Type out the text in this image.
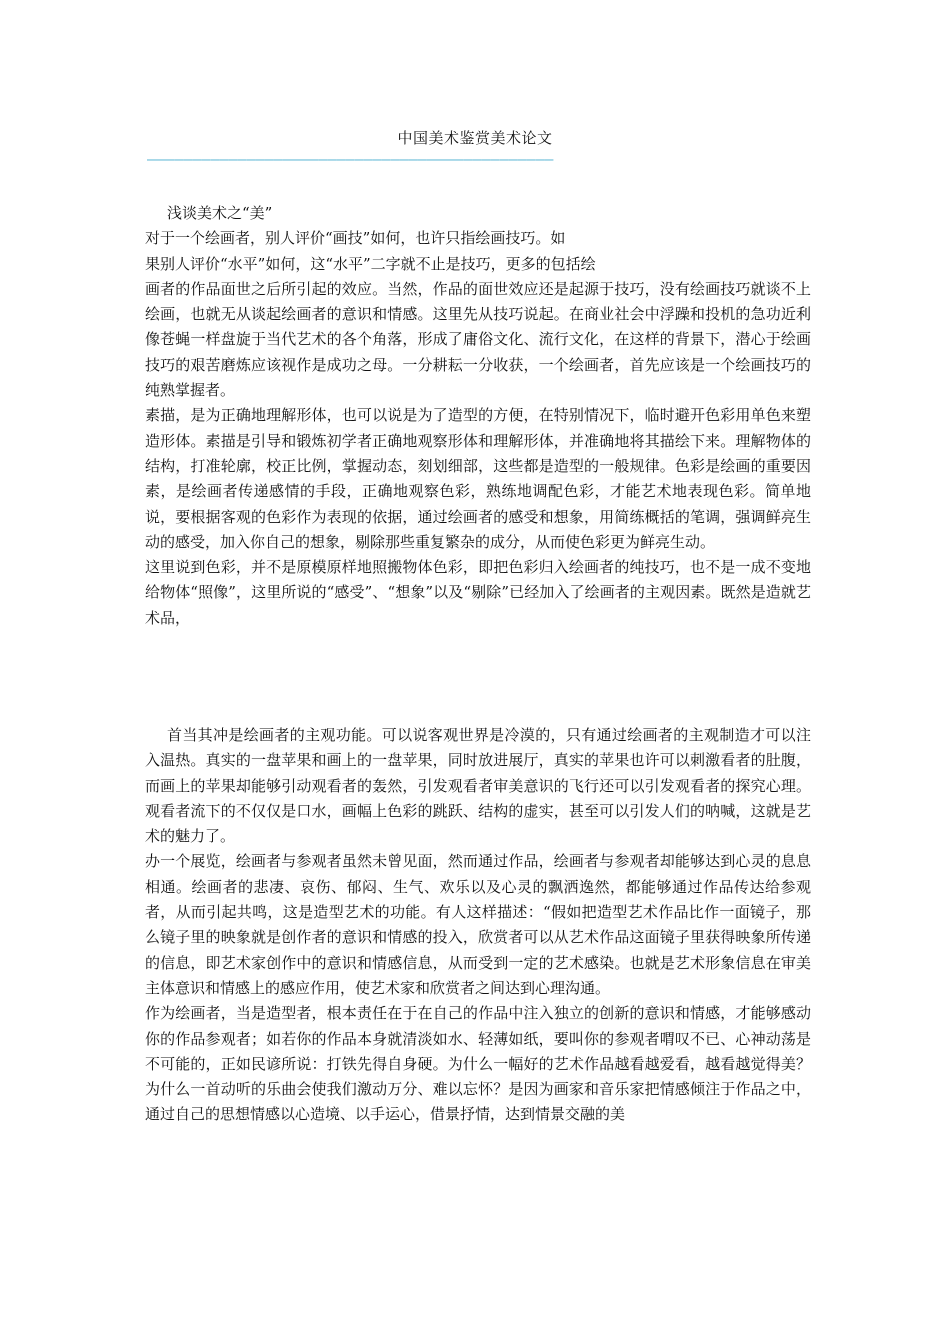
中国美术鉴赏美术论文
—————————————————————————————————————————————

浅谈美术之“美”

对于一个绘画者，别人评价“画技”如何，也许只指绘画技巧。如

果别人评价“水平”如何，这“水平”二字就不止是技巧，更多的包括绘

画者的作品面世之后所引起的效应。当然，作品的面世效应还是起源于技巧，没有绘画技巧就谈不上绘画，也就无从谈起绘画者的意识和情感。这里先从技巧说起。在商业社会中浮躁和投机的急功近利像苍蝇一样盘旋于当代艺术的各个角落，形成了庸俗文化、流行文化，在这样的背景下，潜心于绘画技巧的艰苦磨炼应该视作是成功之母。一分耕耘一分收获，一个绘画者，首先应该是一个绘画技巧的纯熟掌握者。

素描，是为正确地理解形体，也可以说是为了造型的方便，在特别情况下，临时避开色彩用单色来塑造形体。素描是引导和锻炼初学者正确地观察形体和理解形体，并准确地将其描绘下来。理解物体的结构，打准轮廓，校正比例，掌握动态，刻划细部，这些都是造型的一般规律。色彩是绘画的重要因素，是绘画者传递感情的手段，正确地观察色彩，熟练地调配色彩，才能艺术地表现色彩。简单地说，要根据客观的色彩作为表现的依据，通过绘画者的感受和想象，用简练概括的笔调，强调鲜亮生动的感受，加入你自己的想象，剔除那些重复繁杂的成分，从而使色彩更为鲜亮生动。

这里说到色彩，并不是原模原样地照搬物体色彩，即把色彩归入绘画者的纯技巧，也不是一成不变地给物体“照像”，这里所说的“感受”、“想象”以及“剔除”已经加入了绘画者的主观因素。既然是造就艺术品，

首当其冲是绘画者的主观功能。可以说客观世界是冷漠的，只有通过绘画者的主观制造才可以注入温热。真实的一盘苹果和画上的一盘苹果，同时放进展厅，真实的苹果也许可以刺激看者的肚腹，而画上的苹果却能够引动观看者的轰然，引发观看者审美意识的飞行还可以引发观看者的探究心理。观看者流下的不仅仅是口水，画幅上色彩的跳跃、结构的虚实，甚至可以引发人们的呐喊，这就是艺术的魅力了。

办一个展览，绘画者与参观者虽然未曾见面，然而通过作品，绘画者与参观者却能够达到心灵的息息相通。绘画者的悲凄、哀伤、郁闷、生气、欢乐以及心灵的飘洒逸然，都能够通过作品传达给参观者，从而引起共鸣，这是造型艺术的功能。有人这样描述：“假如把造型艺术作品比作一面镜子，那么镜子里的映象就是创作者的意识和情感的投入，欣赏者可以从艺术作品这面镜子里获得映象所传递的信息，即艺术家创作中的意识和情感信息，从而受到一定的艺术感染。也就是艺术形象信息在审美主体意识和情感上的感应作用，使艺术家和欣赏者之间达到心理沟通。

作为绘画者，当是造型者，根本责任在于在自己的作品中注入独立的创新的意识和情感，才能够感动你的作品参观者；如若你的作品本身就清淡如水、轻薄如纸，要叫你的参观者喟叹不已、心神动荡是不可能的，正如民谚所说：打铁先得自身硬。为什么一幅好的艺术作品越看越爱看，越看越觉得美？为什么一首动听的乐曲会使我们激动万分、难以忘怀？是因为画家和音乐家把情感倾注于作品之中，通过自己的思想情感以心造境、以手运心，借景抒情，达到情景交融的美
